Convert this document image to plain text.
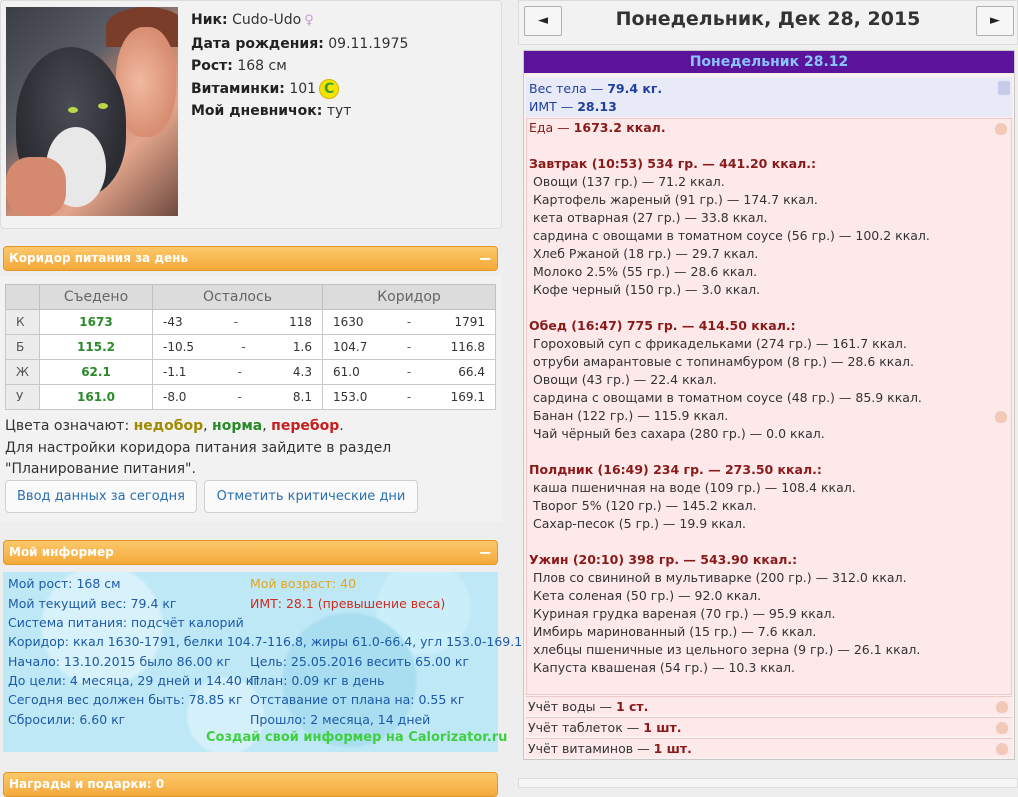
Ник: Cudo-Udo ♀
Дата рождения: 09.11.1975
Рост: 168 см
Витаминки: 101 C
Мой дневничок: тут
Коридор питания за день	−
	Съедено	Осталось	Коридор
К	1673	-43 - 118	1630 - 1791

Б	115.2	-10.5 - 1.6	104.7 - 116.8

Ж	62.1	-1.1 - 4.3	61.0 - 66.4

У	161.0	-8.0 - 8.1	153.0 - 169.1
Цвета означают: недобор, норма, перебор.
Для настройки коридора питания зайдите в раздел "Планирование питания".
Ввод данных за сегодня	Отметить критические дни
Мой информер	−
Мой рост: 168 см	Мой возраст: 40
Мой текущий вес: 79.4 кг	ИМТ: 28.1 (превышение веса)
Система питания: подсчёт калорий
Коридор: ккал 1630-1791, белки 104.7-116.8, жиры 61.0-66.4, угл 153.0-169.1
Начало: 13.10.2015 было 86.00 кг Цель: 25.05.2016 весить 65.00 кг
До цели: 4 месяца, 29 дней и 14.40 кг
План: 0.09 кг в день
Сегодня вес должен быть: 78.85 кг Отставание от плана на: 0.55 кг
Сбросили: 6.60 кг	Прошло: 2 месяца, 14 дней
Создай свой информер на Calorizator.ru
Награды и подарки: 0
◄	Понедельник, Дек 28, 2015	►
Понедельник 28.12
Вес тела — 79.4 кг.
ИМТ — 28.13
Еда — 1673.2 ккал.
Завтрак (10:53) 534 гр. — 441.20 ккал.:
Овощи (137 гр.) — 71.2 ккал.
Картофель жареный (91 гр.) — 174.7 ккал.
кета отварная (27 гр.) — 33.8 ккал.
сардина с овощами в томатном соусе (56 гр.) — 100.2 ккал.
Хлеб Ржаной (18 гр.) — 29.7 ккал.
Молоко 2.5% (55 гр.) — 28.6 ккал.
Кофе черный (150 гр.) — 3.0 ккал.
Обед (16:47) 775 гр. — 414.50 ккал.:
Гороховый суп с фрикадельками (274 гр.) — 161.7 ккал.
отруби амарантовые с топинамбуром (8 гр.) — 28.6 ккал.
Овощи (43 гр.) — 22.4 ккал.
сардина с овощами в томатном соусе (48 гр.) — 85.9 ккал.
Банан (122 гр.) — 115.9 ккал.
Чай чёрный без сахара (280 гр.) — 0.0 ккал.
Полдник (16:49) 234 гр. — 273.50 ккал.:
каша пшеничная на воде (109 гр.) — 108.4 ккал.
Творог 5% (120 гр.) — 145.2 ккал.
Сахар-песок (5 гр.) — 19.9 ккал.
Ужин (20:10) 398 гр. — 543.90 ккал.:
Плов со свининой в мультиварке (200 гр.) — 312.0 ккал.
Кета соленая (50 гр.) — 92.0 ккал.
Куриная грудка вареная (70 гр.) — 95.9 ккал.
Имбирь маринованный (15 гр.) — 7.6 ккал.
хлебцы пшеничные из цельного зерна (9 гр.) — 26.1 ккал.
Капуста квашеная (54 гр.) — 10.3 ккал.
Учёт воды — 1 ст.
Учёт таблеток — 1 шт.
Учёт витаминов — 1 шт.
